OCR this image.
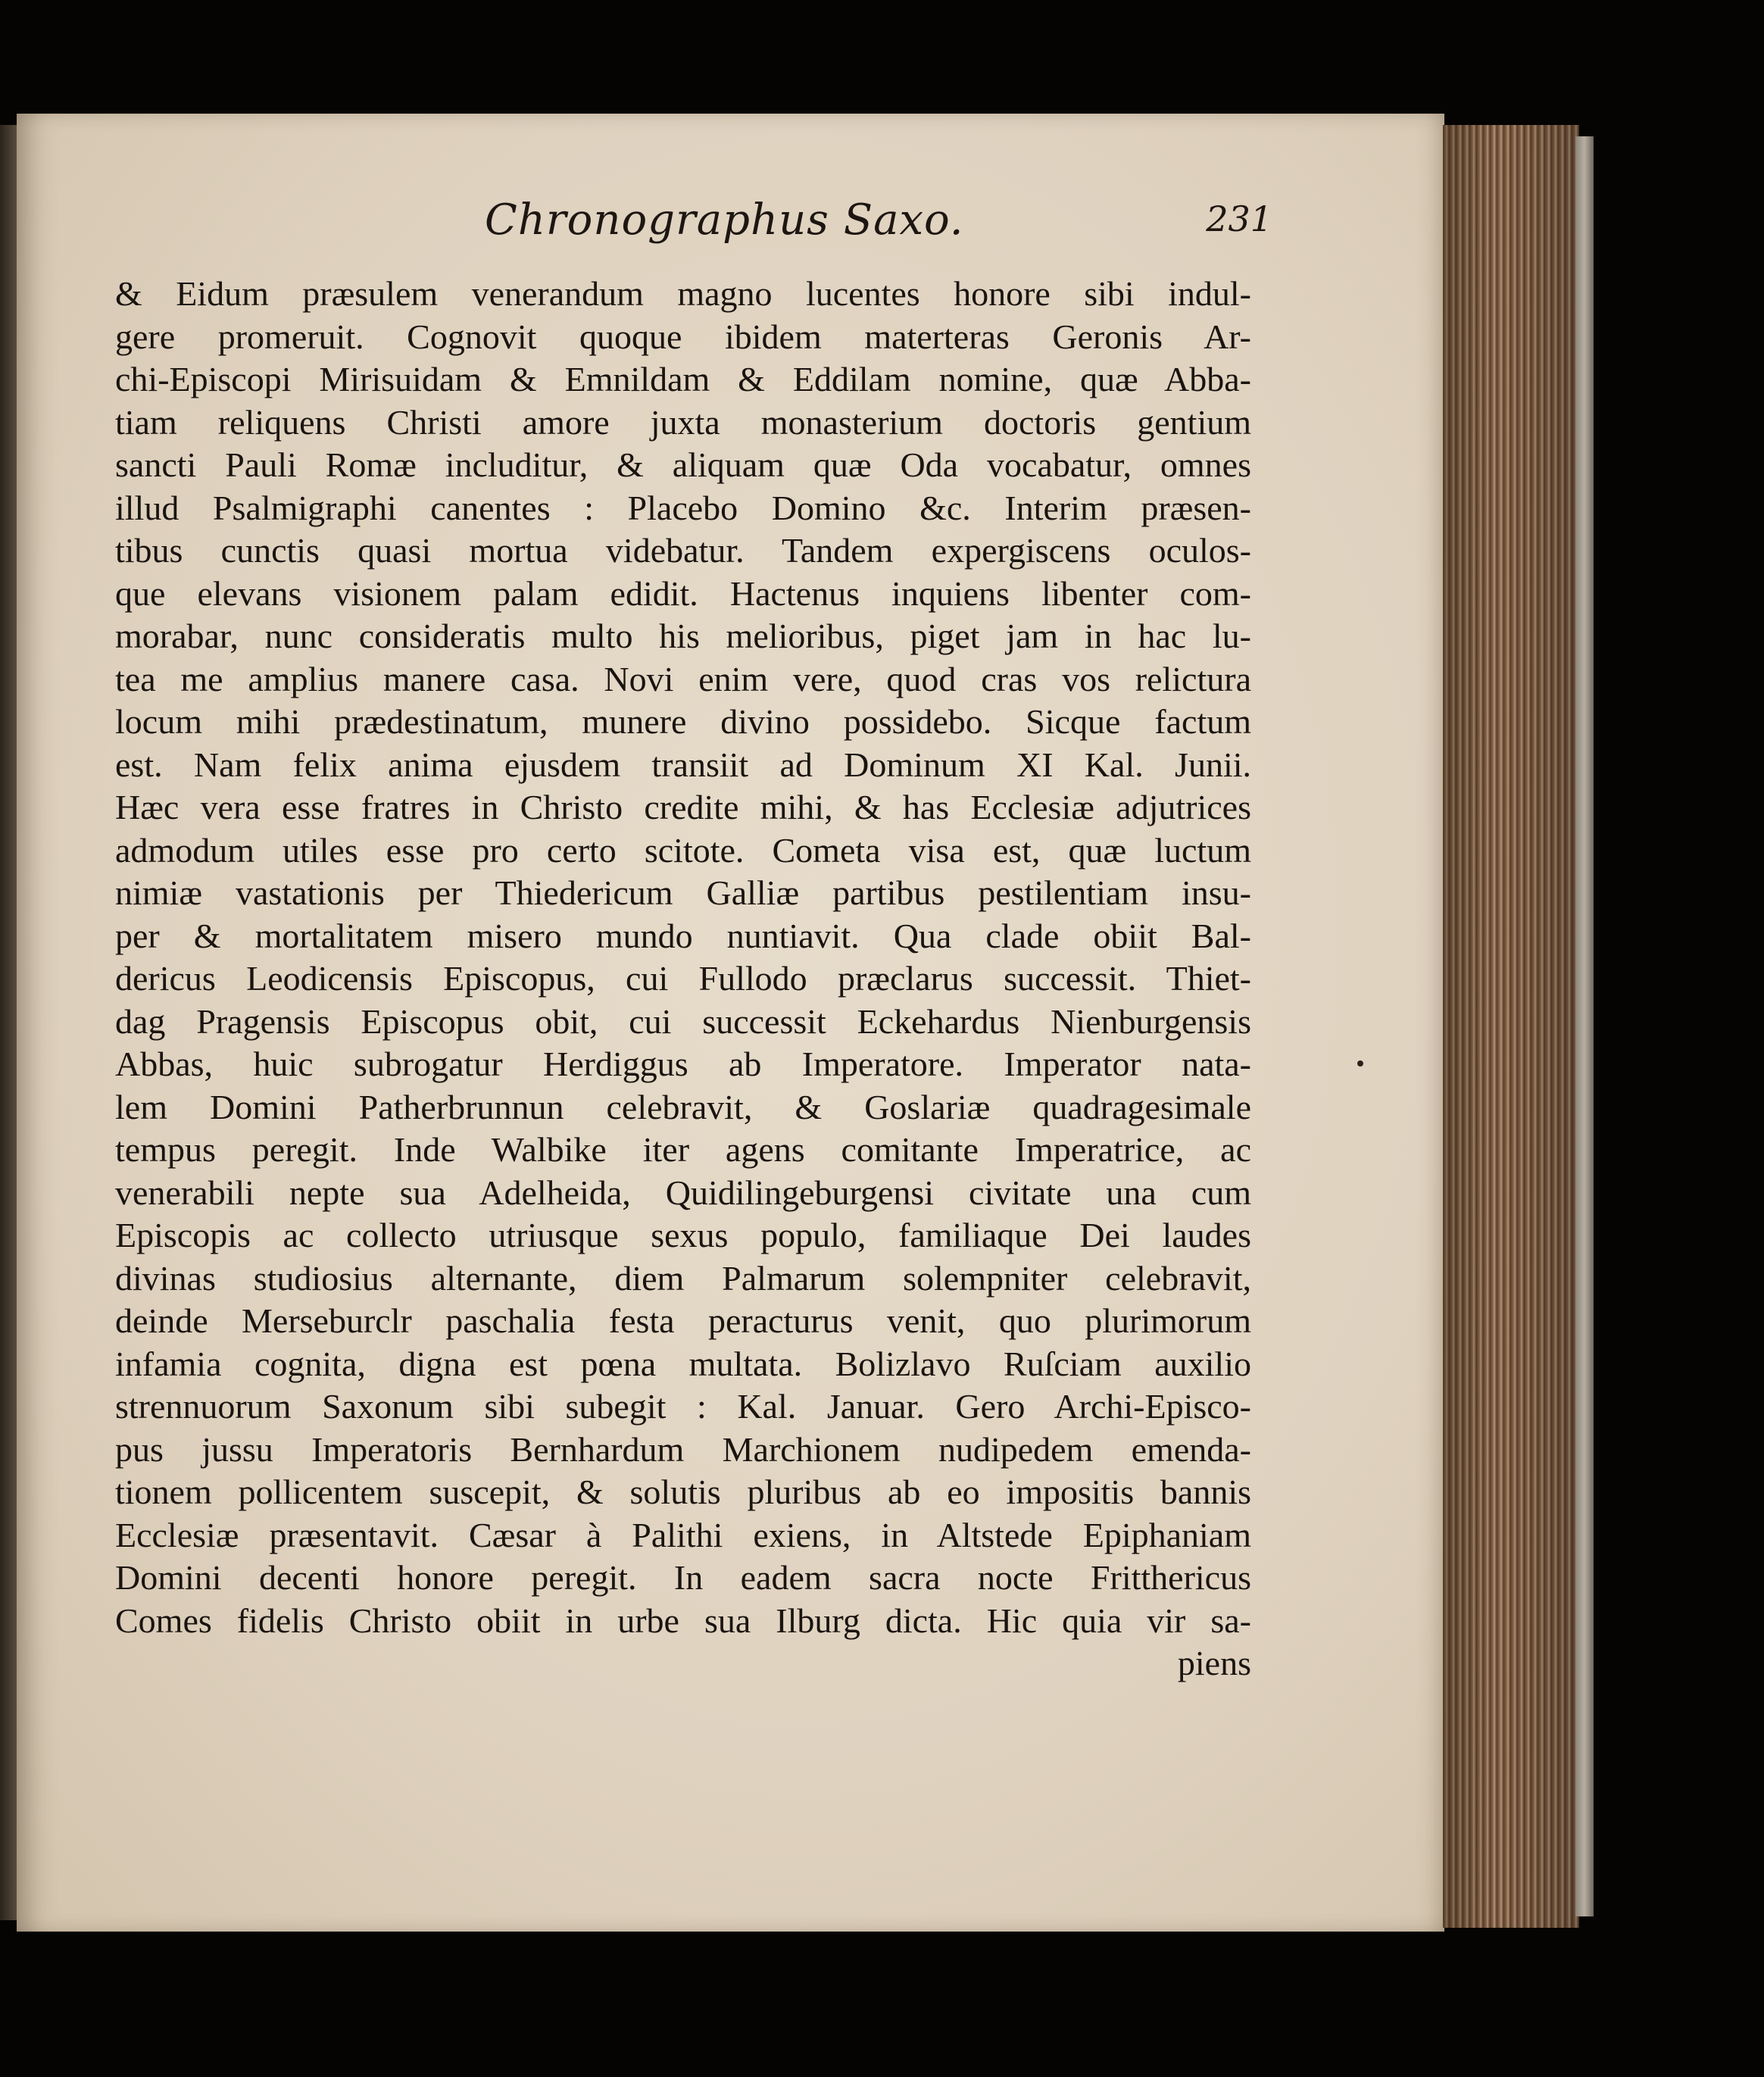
Chronographus Saxo.	231
& Eidum præsulem venerandum magno lucentes honore sibi indul-
gere promeruit. Cognovit quoque ibidem materteras Geronis Ar-
chi-Episcopi Mirisuidam & Emnildam & Eddilam nomine, quæ Abba-
tiam reliquens Christi amore juxta monasterium doctoris gentium
sancti Pauli Romæ includitur, & aliquam quæ Oda vocabatur, omnes
illud Psalmigraphi canentes : Placebo Domino &c. Interim præsen-
tibus cunctis quasi mortua videbatur. Tandem expergiscens oculos-
que elevans visionem palam edidit. Hactenus inquiens libenter com-
morabar, nunc consideratis multo his melioribus, piget jam in hac lu-
tea me amplius manere casa. Novi enim vere, quod cras vos relictura
locum mihi prædestinatum, munere divino possidebo. Sicque factum
est. Nam felix anima ejusdem transiit ad Dominum XI Kal. Junii.
Hæc vera esse fratres in Christo credite mihi, & has Ecclesiæ adjutrices
admodum utiles esse pro certo scitote. Cometa visa est, quæ luctum
nimiæ vastationis per Thiedericum Galliæ partibus pestilentiam insu-
per & mortalitatem misero mundo nuntiavit. Qua clade obiit Bal-
dericus Leodicensis Episcopus, cui Fullodo præclarus successit. Thiet-
dag Pragensis Episcopus obit, cui successit Eckehardus Nienburgensis
Abbas, huic subrogatur Herdiggus ab Imperatore. Imperator nata-
lem Domini Patherbrunnun celebravit, & Goslariæ quadragesimale
tempus peregit. Inde Walbike iter agens comitante Imperatrice, ac
venerabili nepte sua Adelheida, Quidilingeburgensi civitate una cum
Episcopis ac collecto utriusque sexus populo, familiaque Dei laudes
divinas studiosius alternante, diem Palmarum solempniter celebravit,
deinde Merseburclr paschalia festa peracturus venit, quo plurimorum
infamia cognita, digna est pœna multata. Bolizlavo Ruſciam auxilio
strennuorum Saxonum sibi subegit : Kal. Januar. Gero Archi-Episco-
pus jussu Imperatoris Bernhardum Marchionem nudipedem emenda-
tionem pollicentem suscepit, & solutis pluribus ab eo impositis bannis
Ecclesiæ præsentavit. Cæsar à Palithi exiens, in Altstede Epiphaniam
Domini decenti honore peregit. In eadem sacra nocte Fritthericus
Comes fidelis Christo obiit in urbe sua Ilburg dicta. Hic quia vir sa-
piens
